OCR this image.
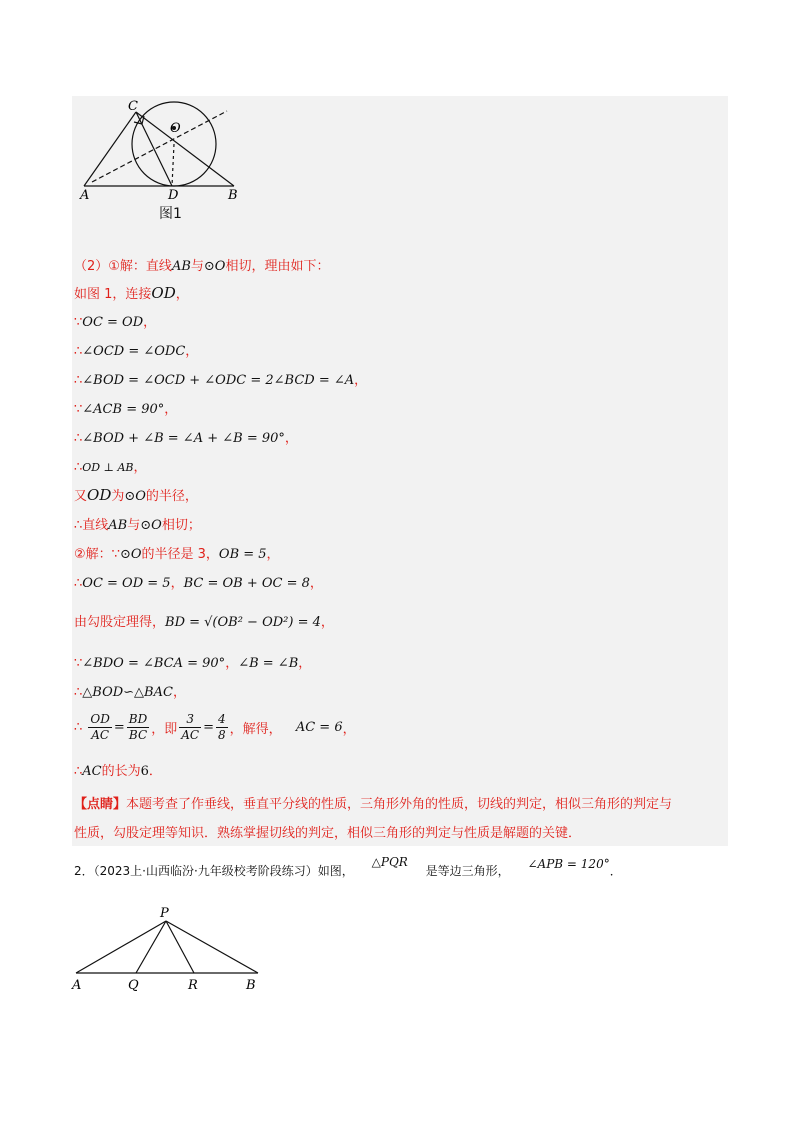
C
O
A	D	B
图1
（2）①解：直线AB与⊙O相切，理由如下：
如图 1，连接OD，
∵OC = OD，
∴∠OCD = ∠ODC，
∴∠BOD = ∠OCD + ∠ODC = 2∠BCD = ∠A，
∵∠ACB = 90°，
∴∠BOD + ∠B = ∠A + ∠B = 90°，
∴OD ⊥ AB，
又OD为⊙O的半径，
∴直线AB与⊙O相切；
②解：∵⊙O的半径是 3，OB = 5，
∴OC = OD = 5，BC = OB + OC = 8，
由勾股定理得，BD = √(OB² − OD²) = 4，
∵∠BDO = ∠BCA = 90°，∠B = ∠B，
∴△BOD∽△BAC，
∴ $\frac{OD}{AC} = \frac{BD}{BC}$ ，即 $\frac{3}{AC} = \frac{4}{8}$ ，解得， AC = 6，
∴AC的长为6．
【点睛】本题考查了作垂线，垂直平分线的性质，三角形外角的性质，切线的判定，相似三角形的判定与
性质，勾股定理等知识．熟练掌握切线的判定，相似三角形的判定与性质是解题的关键．
2．（2023上·山西临汾·九年级校考阶段练习）如图， △PQR 是等边三角形， ∠APB = 120°．
P
A	Q	R	B
